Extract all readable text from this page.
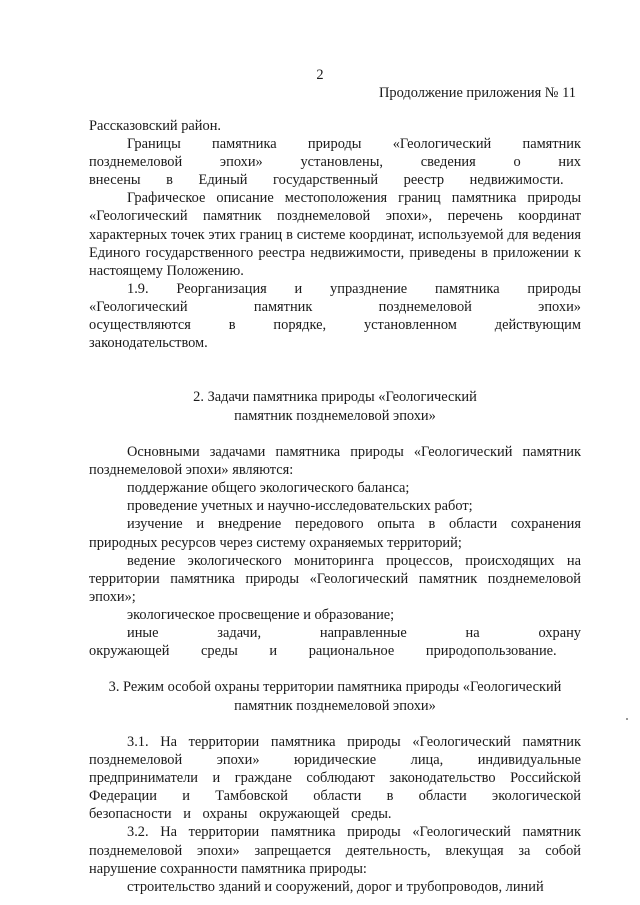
2
Продолжение приложения № 11

Рассказовский район.

Границы памятника природы «Геологический памятник позднемеловой эпохи» установлены, сведения о них внесены в Единый государственный реестр недвижимости.

Графическое описание местоположения границ памятника природы «Геологический памятник позднемеловой эпохи», перечень координат характерных точек этих границ в системе координат, используемой для ведения Единого государственного реестра недвижимости, приведены в приложении к настоящему Положению.

1.9. Реорганизация и упразднение памятника природы «Геологический памятник позднемеловой эпохи» осуществляются в порядке, установленном действующим законодательством.

2. Задачи памятника природы «Геологический

памятник позднемеловой эпохи»

Основными задачами памятника природы «Геологический памятник позднемеловой эпохи» являются:

поддержание общего экологического баланса;

проведение учетных и научно-исследовательских работ;

изучение и внедрение передового опыта в области сохранения природных ресурсов через систему охраняемых территорий;

ведение экологического мониторинга процессов, происходящих на территории памятника природы «Геологический памятник позднемеловой эпохи»;

экологическое просвещение и образование;

иные задачи, направленные на охрану окружающей среды и рациональное природопользование.

3. Режим особой охраны территории памятника природы «Геологический

памятник позднемеловой эпохи»

3.1. На территории памятника природы «Геологический памятник позднемеловой эпохи» юридические лица, индивидуальные предприниматели и граждане соблюдают законодательство Российской Федерации и Тамбовской области в области экологической безопасности и охраны окружающей среды.

3.2. На территории памятника природы «Геологический памятник позднемеловой эпохи» запрещается деятельность, влекущая за собой нарушение сохранности памятника природы:

строительство зданий и сооружений, дорог и трубопроводов, линий
